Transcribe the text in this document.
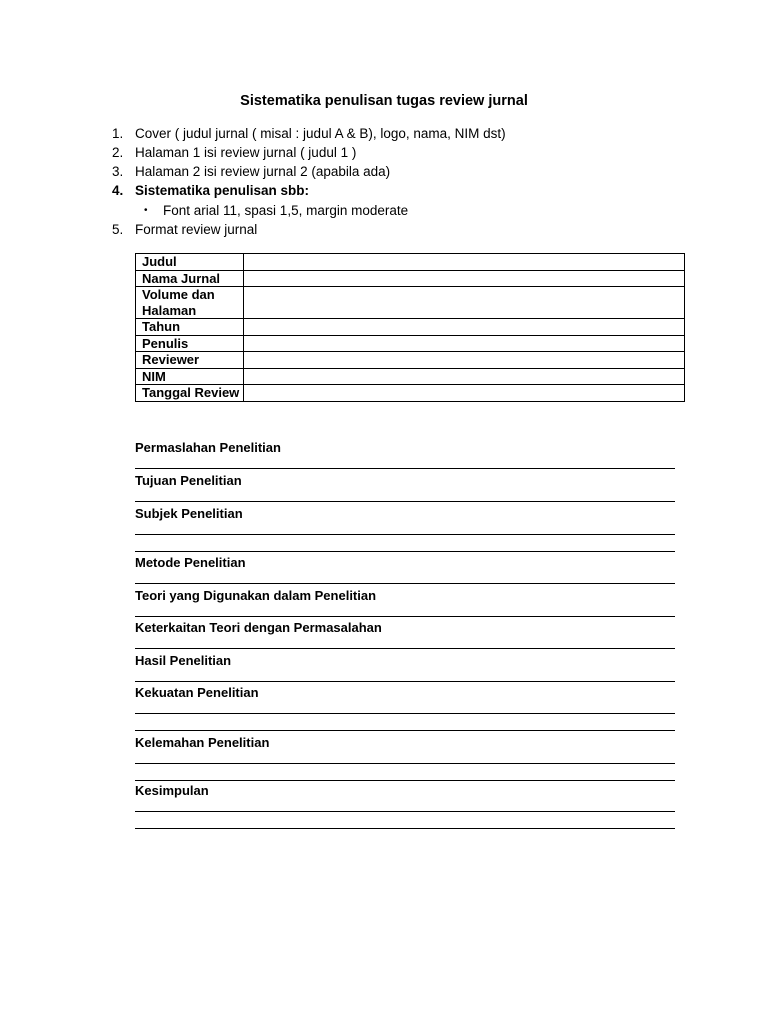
Sistematika penulisan tugas review jurnal
1. Cover ( judul jurnal ( misal : judul A & B), logo, nama, NIM dst)
2. Halaman 1 isi review jurnal ( judul 1 )
3. Halaman 2 isi review jurnal 2 (apabila ada)
4. Sistematika penulisan sbb:
• Font arial 11, spasi 1,5, margin moderate
5. Format review jurnal
Judul	
Nama Jurnal	
Volume dan Halaman	
Tahun	
Penulis	
Reviewer	
NIM	
Tanggal Review	
Permaslahan Penelitian
Tujuan Penelitian
Subjek Penelitian
Metode Penelitian
Teori yang Digunakan dalam Penelitian
Keterkaitan Teori dengan Permasalahan
Hasil Penelitian
Kekuatan Penelitian
Kelemahan Penelitian
Kesimpulan
